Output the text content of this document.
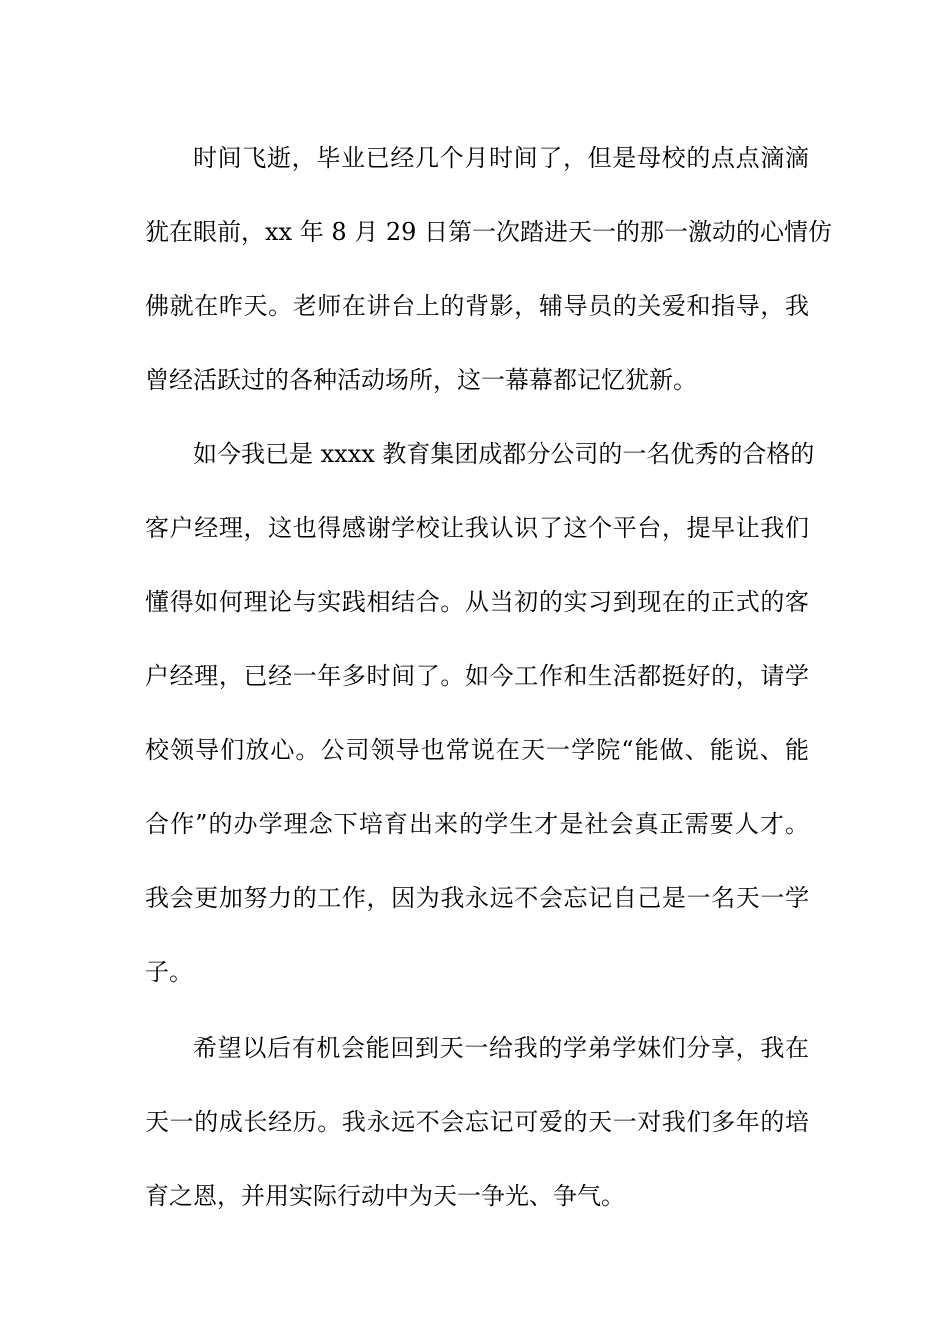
时间飞逝，毕业已经几个月时间了，但是母校的点点滴滴
犹在眼前，xx 年 8 月 29 日第一次踏进天一的那一激动的心情仿
佛就在昨天。老师在讲台上的背影，辅导员的关爱和指导，我
曾经活跃过的各种活动场所，这一幕幕都记忆犹新。
如今我已是 xxxx 教育集团成都分公司的一名优秀的合格的
客户经理，这也得感谢学校让我认识了这个平台，提早让我们
懂得如何理论与实践相结合。从当初的实习到现在的正式的客
户经理，已经一年多时间了。如今工作和生活都挺好的，请学
校领导们放心。公司领导也常说在天一学院“能做、能说、能
合作”的办学理念下培育出来的学生才是社会真正需要人才。
我会更加努力的工作，因为我永远不会忘记自己是一名天一学
子。
希望以后有机会能回到天一给我的学弟学妹们分享，我在
天一的成长经历。我永远不会忘记可爱的天一对我们多年的培
育之恩，并用实际行动中为天一争光、争气。
